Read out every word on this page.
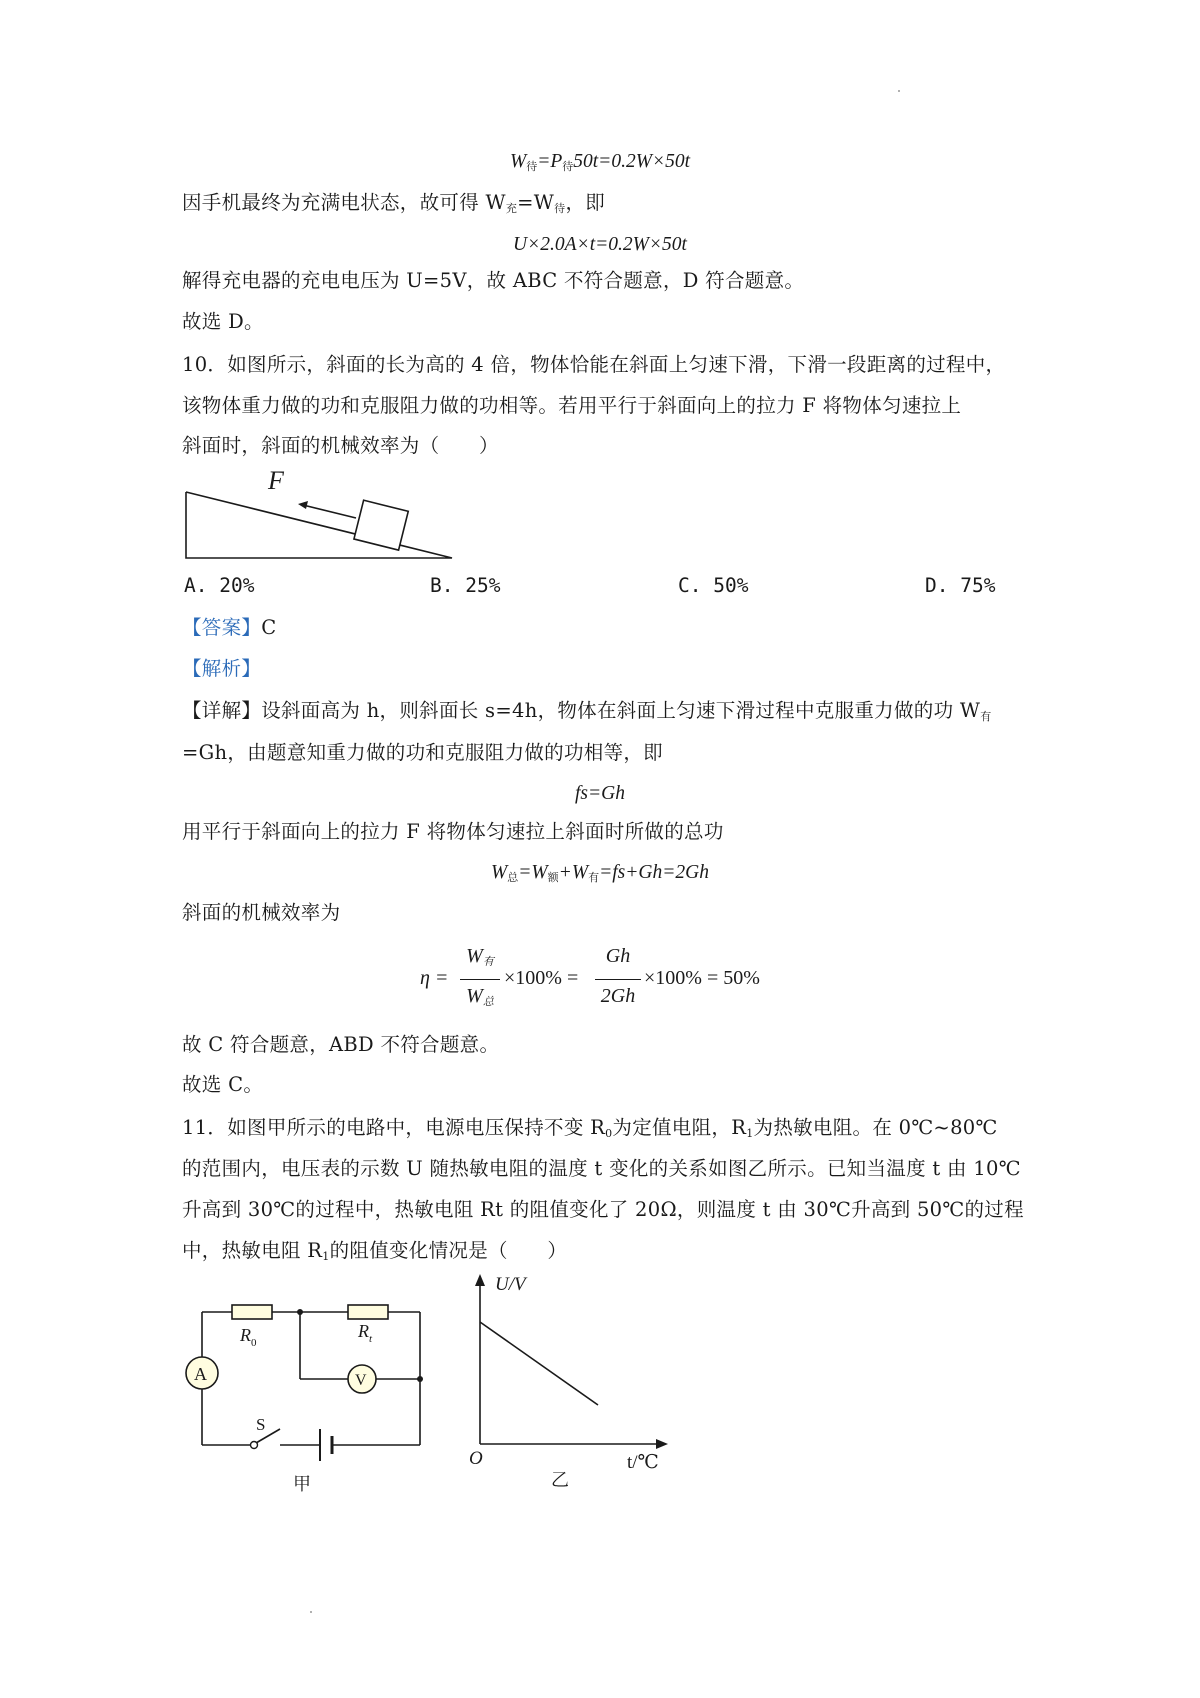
$W_待=P_待50t=0.2W\times 50t$
因手机最终为充满电状态，故可得 $W_充=W_待$，即
U×2.0A×t=0.2W×50t
解得充电器的充电电压为 U=5V，故 ABC 不符合题意，D 符合题意。
故选 D。
10．如图所示，斜面的长为高的 4 倍，物体恰能在斜面上匀速下滑，下滑一段距离的过程中，
该物体重力做的功和克服阻力做的功相等。若用平行于斜面向上的拉力 F 将物体匀速拉上
斜面时，斜面的机械效率为（　　）
F
A. 20%	B. 25%	C. 50%	D. 75%
【答案】C
【解析】
【详解】设斜面高为 h，则斜面长 s=4h，物体在斜面上匀速下滑过程中克服重力做的功 $W_有$
=Gh，由题意知重力做的功和克服阻力做的功相等，即
fs=Gh
用平行于斜面向上的拉力 F 将物体匀速拉上斜面时所做的总功
$W_总=W_额+W_有=fs+Gh=2Gh$
斜面的机械效率为
η =
$W_有$
$W_总$
×100% =
Gh
2Gh
×100% = 50%
故 C 符合题意，ABD 不符合题意。
故选 C。
11．如图甲所示的电路中，电源电压保持不变 $R_0$为定值电阻，$R_1$为热敏电阻。在 0℃~80℃
的范围内，电压表的示数 U 随热敏电阻的温度 t 变化的关系如图乙所示。已知当温度 t 由 10℃
升高到 30℃的过程中，热敏电阻 Rt 的阻值变化了 20Ω，则温度 t 由 30℃升高到 50℃的过程
中，热敏电阻 $R_1$的阻值变化情况是（　　）
A	V
$R_0$
$R_t$
S
甲
U/V
O	t/℃
乙
